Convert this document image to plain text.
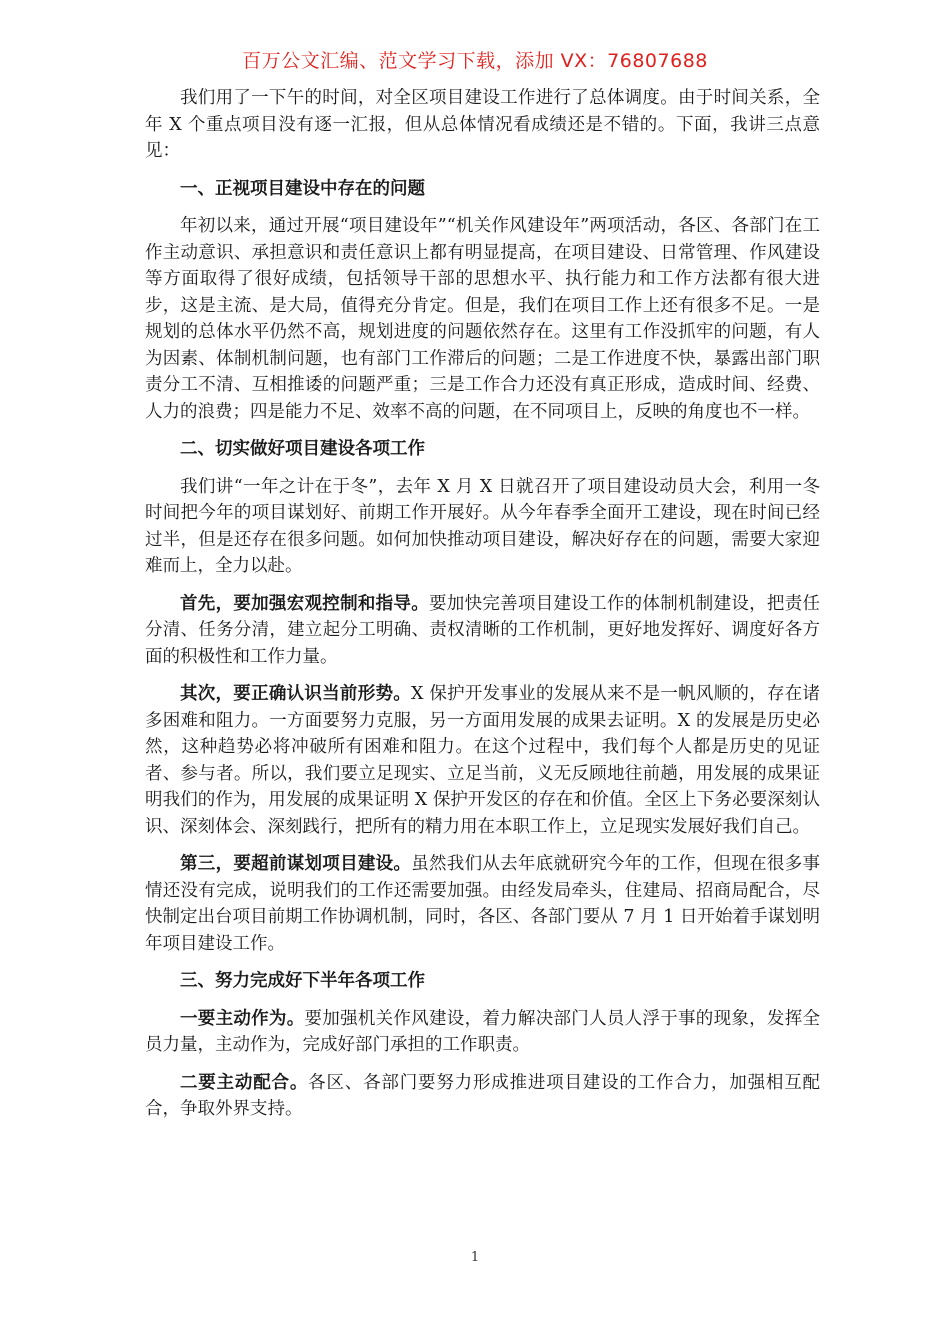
百万公文汇编、范文学习下载，添加 VX：76807688

我们用了一下午的时间，对全区项目建设工作进行了总体调度。由于时间关系，全年 X 个重点项目没有逐一汇报，但从总体情况看成绩还是不错的。下面，我讲三点意见：

一、正视项目建设中存在的问题

年初以来，通过开展“项目建设年”“机关作风建设年”两项活动，各区、各部门在工作主动意识、承担意识和责任意识上都有明显提高，在项目建设、日常管理、作风建设等方面取得了很好成绩，包括领导干部的思想水平、执行能力和工作方法都有很大进步，这是主流、是大局，值得充分肯定。但是，我们在项目工作上还有很多不足。一是规划的总体水平仍然不高，规划进度的问题依然存在。这里有工作没抓牢的问题，有人为因素、体制机制问题，也有部门工作滞后的问题；二是工作进度不快，暴露出部门职责分工不清、互相推诿的问题严重；三是工作合力还没有真正形成，造成时间、经费、人力的浪费；四是能力不足、效率不高的问题，在不同项目上，反映的角度也不一样。

二、切实做好项目建设各项工作

我们讲“一年之计在于冬”，去年 X 月 X 日就召开了项目建设动员大会，利用一冬时间把今年的项目谋划好、前期工作开展好。从今年春季全面开工建设，现在时间已经过半，但是还存在很多问题。如何加快推动项目建设，解决好存在的问题，需要大家迎难而上，全力以赴。

首先，要加强宏观控制和指导。要加快完善项目建设工作的体制机制建设，把责任分清、任务分清，建立起分工明确、责权清晰的工作机制，更好地发挥好、调度好各方面的积极性和工作力量。

其次，要正确认识当前形势。X 保护开发事业的发展从来不是一帆风顺的，存在诸多困难和阻力。一方面要努力克服，另一方面用发展的成果去证明。X 的发展是历史必然，这种趋势必将冲破所有困难和阻力。在这个过程中，我们每个人都是历史的见证者、参与者。所以，我们要立足现实、立足当前，义无反顾地往前趟，用发展的成果证明我们的作为，用发展的成果证明 X 保护开发区的存在和价值。全区上下务必要深刻认识、深刻体会、深刻践行，把所有的精力用在本职工作上，立足现实发展好我们自己。

第三，要超前谋划项目建设。虽然我们从去年底就研究今年的工作，但现在很多事情还没有完成，说明我们的工作还需要加强。由经发局牵头，住建局、招商局配合，尽快制定出台项目前期工作协调机制，同时，各区、各部门要从 7 月 1 日开始着手谋划明年项目建设工作。

三、努力完成好下半年各项工作

一要主动作为。要加强机关作风建设，着力解决部门人员人浮于事的现象，发挥全员力量，主动作为，完成好部门承担的工作职责。

二要主动配合。各区、各部门要努力形成推进项目建设的工作合力，加强相互配合，争取外界支持。

1
